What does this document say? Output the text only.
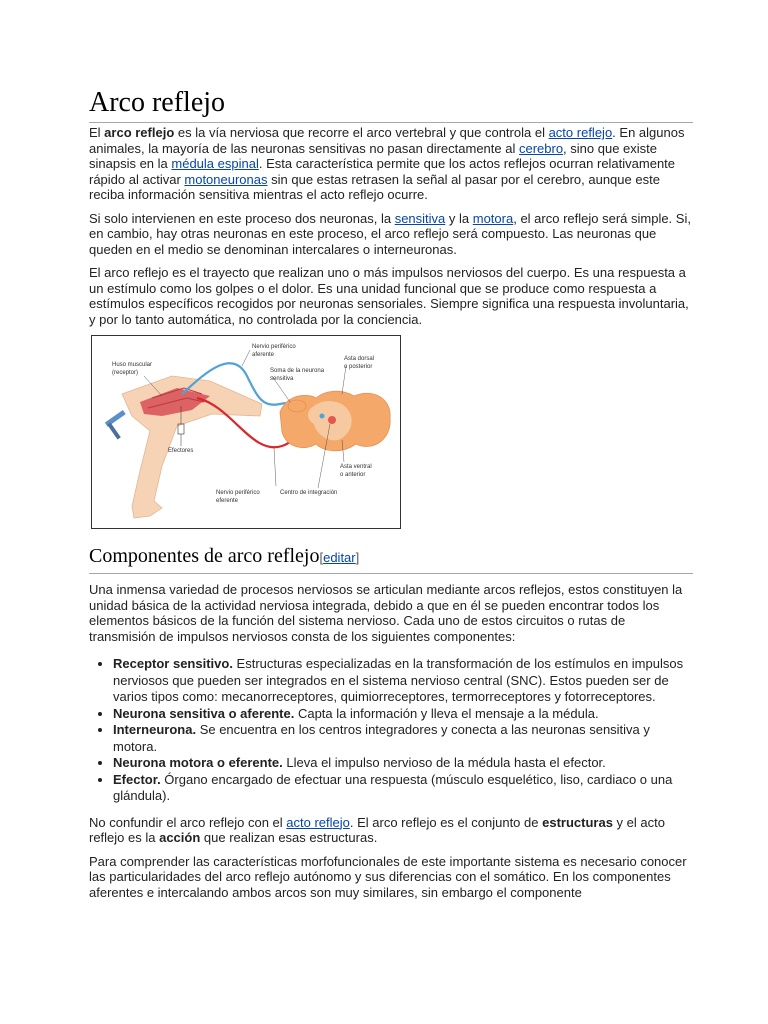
Arco reflejo

El arco reflejo es la vía nerviosa que recorre el arco vertebral y que controla el acto reflejo. En algunos animales, la mayoría de las neuronas sensitivas no pasan directamente al cerebro, sino que existe sinapsis en la médula espinal. Esta característica permite que los actos reflejos ocurran relativamente rápido al activar motoneuronas sin que estas retrasen la señal al pasar por el cerebro, aunque este reciba información sensitiva mientras el acto reflejo ocurre.

Si solo intervienen en este proceso dos neuronas, la sensitiva y la motora, el arco reflejo será simple. Si, en cambio, hay otras neuronas en este proceso, el arco reflejo será compuesto. Las neuronas que queden en el medio se denominan intercalares o interneuronas.

El arco reflejo es el trayecto que realizan uno o más impulsos nerviosos del cuerpo. Es una respuesta a un estímulo como los golpes o el dolor. Es una unidad funcional que se produce como respuesta a estímulos específicos recogidos por neuronas sensoriales. Siempre significa una respuesta involuntaria, y por lo tanto automática, no controlada por la conciencia.

Huso muscular
(receptor)
Nervio periférico
aferente
Soma de la neurona
sensitiva
Asta dorsal
o posterior
Efectores
Asta ventral
o anterior
Nervio periférico
eferente
Centro de integración
Componentes de arco reflejo[editar]

Una inmensa variedad de procesos nerviosos se articulan mediante arcos reflejos, estos constituyen la unidad básica de la actividad nerviosa integrada, debido a que en él se pueden encontrar todos los elementos básicos de la función del sistema nervioso. Cada uno de estos circuitos o rutas de transmisión de impulsos nerviosos consta de los siguientes componentes:

• Receptor sensitivo. Estructuras especializadas en la transformación de los estímulos en impulsos nerviosos que pueden ser integrados en el sistema nervioso central (SNC). Estos pueden ser de varios tipos como: mecanorreceptores, quimiorreceptores, termorreceptores y fotorreceptores.
• Neurona sensitiva o aferente. Capta la información y lleva el mensaje a la médula.
• Interneurona. Se encuentra en los centros integradores y conecta a las neuronas sensitiva y motora.
• Neurona motora o eferente. Lleva el impulso nervioso de la médula hasta el efector.
• Efector. Órgano encargado de efectuar una respuesta (músculo esquelético, liso, cardiaco o una glándula).

No confundir el arco reflejo con el acto reflejo. El arco reflejo es el conjunto de estructuras y el acto reflejo es la acción que realizan esas estructuras.

Para comprender las características morfofuncionales de este importante sistema es necesario conocer las particularidades del arco reflejo autónomo y sus diferencias con el somático. En los componentes aferentes e intercalando ambos arcos son muy similares, sin embargo el componente
